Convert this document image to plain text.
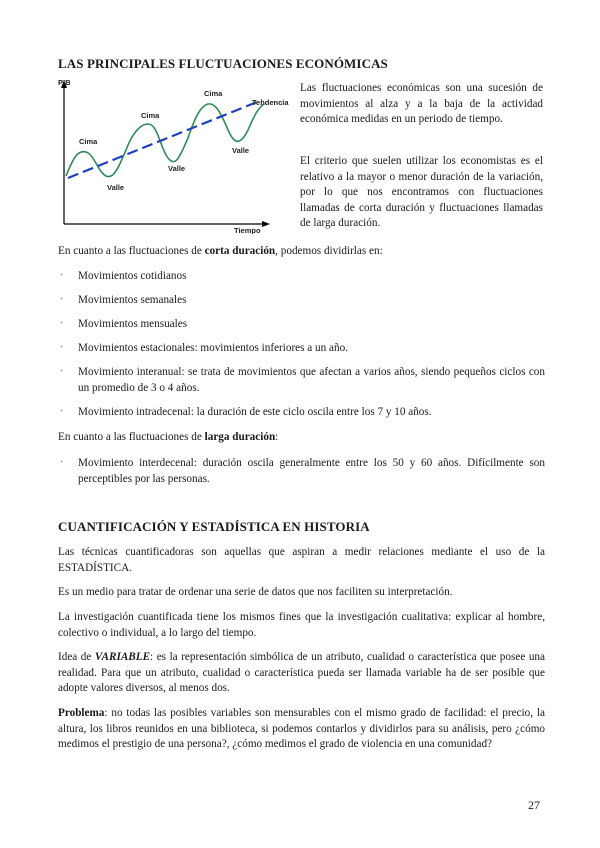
LAS PRINCIPALES FLUCTUACIONES ECONÓMICAS
PIB
Tiempo
Cima
Cima
Cima
Valle
Valle
Valle
Tendencia

Las fluctuaciones económicas son una sucesión de movimientos al alza y a la baja de la actividad económica medidas en un periodo de tiempo.

El criterio que suelen utilizar los economistas es el relativo a la mayor o menor duración de la variación, por lo que nos encontramos con fluctuaciones llamadas de corta duración y fluctuaciones llamadas de larga duración.

En cuanto a las fluctuaciones de corta duración, podemos dividirlas en:

· Movimientos cotidianos
· Movimientos semanales
· Movimientos mensuales
· Movimientos estacionales: movimientos inferiores a un año.
· Movimiento interanual: se trata de movimientos que afectan a varios años, siendo pequeños ciclos con un promedio de 3 o 4 años.
· Movimiento intradecenal: la duración de este ciclo oscila entre los 7 y 10 años.

En cuanto a las fluctuaciones de larga duración:

· Movimiento interdecenal: duración oscila generalmente entre los 50 y 60 años. Difícilmente son perceptibles por las personas.
CUANTIFICACIÓN Y ESTADÍSTICA EN HISTORIA

Las técnicas cuantificadoras son aquellas que aspiran a medir relaciones mediante el uso de la ESTADÍSTICA.

Es un medio para tratar de ordenar una serie de datos que nos faciliten su interpretación.

La investigación cuantificada tiene los mismos fines que la investigación cualitativa: explicar al hombre, colectivo o individual, a lo largo del tiempo.

Idea de VARIABLE: es la representación simbólica de un atributo, cualidad o característica que posee una realidad. Para que un atributo, cualidad o característica pueda ser llamada variable ha de ser posible que adopte valores diversos, al menos dos.

Problema: no todas las posibles variables son mensurables con el mismo grado de facilidad: el precio, la altura, los libros reunidos en una biblioteca, si podemos contarlos y dividirlos para su análisis, pero ¿cómo medimos el prestigio de una persona?, ¿cómo medimos el grado de violencia en una comunidad?

27
